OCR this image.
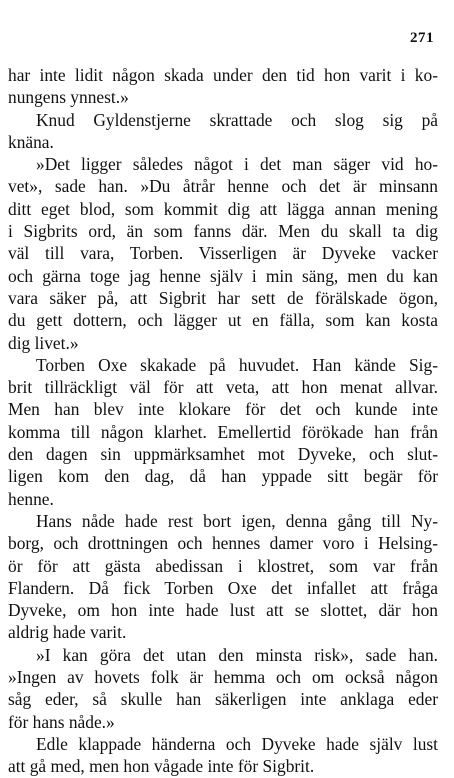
271
har inte lidit någon skada under den tid hon varit i ko-
nungens ynnest.»
Knud Gyldenstjerne skrattade och slog sig på
knäna.
»Det ligger således något i det man säger vid ho-
vet», sade han. »Du åtrår henne och det är minsann
ditt eget blod, som kommit dig att lägga annan mening
i Sigbrits ord, än som fanns där. Men du skall ta dig
väl till vara, Torben. Visserligen är Dyveke vacker
och gärna toge jag henne själv i min säng, men du kan
vara säker på, att Sigbrit har sett de förälskade ögon,
du gett dottern, och lägger ut en fälla, som kan kosta
dig livet.»
Torben Oxe skakade på huvudet. Han kände Sig-
brit tillräckligt väl för att veta, att hon menat allvar.
Men han blev inte klokare för det och kunde inte
komma till någon klarhet. Emellertid förökade han från
den dagen sin uppmärksamhet mot Dyveke, och slut-
ligen kom den dag, då han yppade sitt begär för
henne.
Hans nåde hade rest bort igen, denna gång till Ny-
borg, och drottningen och hennes damer voro i Helsing-
ör för att gästa abedissan i klostret, som var från
Flandern. Då fick Torben Oxe det infallet att fråga
Dyveke, om hon inte hade lust att se slottet, där hon
aldrig hade varit.
»I kan göra det utan den minsta risk», sade han.
»Ingen av hovets folk är hemma och om också någon
såg eder, så skulle han säkerligen inte anklaga eder
för hans nåde.»
Edle klappade händerna och Dyveke hade själv lust
att gå med, men hon vågade inte för Sigbrit.
